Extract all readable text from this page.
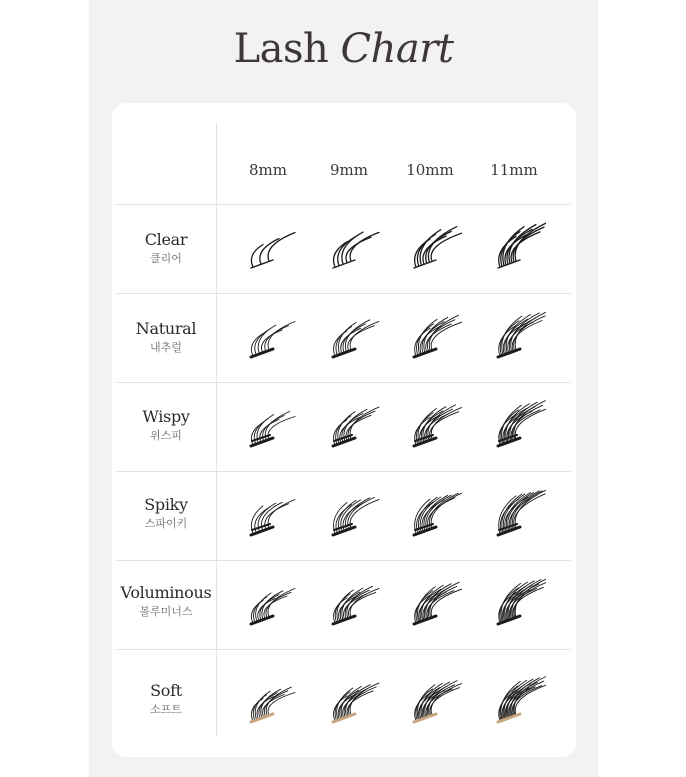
Lash Chart
8mm	9mm	10mm	11mm
Clear
클리어
Natural
내추럴
Wispy
위스피
Spiky
스파이키
Voluminous
볼루미너스
Soft
소프트
